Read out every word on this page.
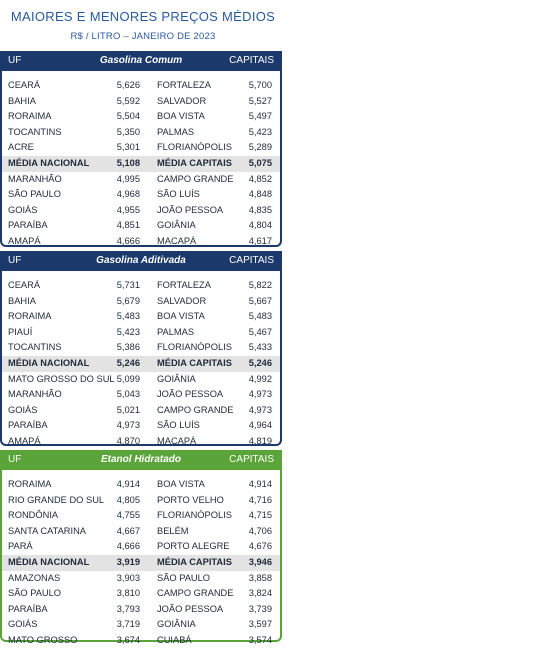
MAIORES E MENORES PREÇOS MÉDIOS
R$ / LITRO – JANEIRO DE 2023
UF	Gasolina Comum	CAPITAIS
CEARÁ	5,626 FORTALEZA	5,700
BAHIA	5,592 SALVADOR	5,527
RORAIMA	5,504 BOA VISTA	5,497
TOCANTINS	5,350 PALMAS	5,423
ACRE	5,301 FLORIANÓPOLIS	5,289
MÉDIA NACIONAL	5,108 MÉDIA CAPITAIS	5,075
MARANHÃO	4,995 CAMPO GRANDE	4,852
SÃO PAULO	4,968 SÃO LUÍS	4,848
GOIÁS	4,955 JOÃO PESSOA	4,835
PARAÍBA	4,851 GOIÂNIA	4,804
AMAPÁ	4,666 MACAPÁ	4,617
UF	Gasolina Aditivada	CAPITAIS
CEARÁ	5,731 FORTALEZA	5,822
BAHIA	5,679 SALVADOR	5,667
RORAIMA	5,483 BOA VISTA	5,483
PIAUÍ	5,423 PALMAS	5,467
TOCANTINS	5,386 FLORIANÓPOLIS	5,433
MÉDIA NACIONAL	5,246 MÉDIA CAPITAIS	5,246
MATO GROSSO DO SUL 5,099 GOIÂNIA	4,992
MARANHÃO	5,043 JOÃO PESSOA	4,973
GOIÁS	5,021 CAMPO GRANDE	4,973
PARAÍBA	4,973 SÃO LUÍS	4,964
AMAPÁ	4,870 MACAPÁ	4,819
UF	Etanol Hidratado	CAPITAIS
RORAIMA	4,914 BOA VISTA	4,914
RIO GRANDE DO SUL	4,805 PORTO VELHO	4,716
RONDÔNIA	4,755 FLORIANÓPOLIS	4,715
SANTA CATARINA	4,667 BELÉM	4,706
PARÁ	4,666 PORTO ALEGRE	4,676
MÉDIA NACIONAL	3,919 MÉDIA CAPITAIS	3,946
AMAZONAS	3,903 SÃO PAULO	3,858
SÃO PAULO	3,810 CAMPO GRANDE	3,824
PARAÍBA	3,793 JOÃO PESSOA	3,739
GOIÁS	3,719 GOIÂNIA	3,597
MATO GROSSO	3,674 CUIABÁ	3,574
